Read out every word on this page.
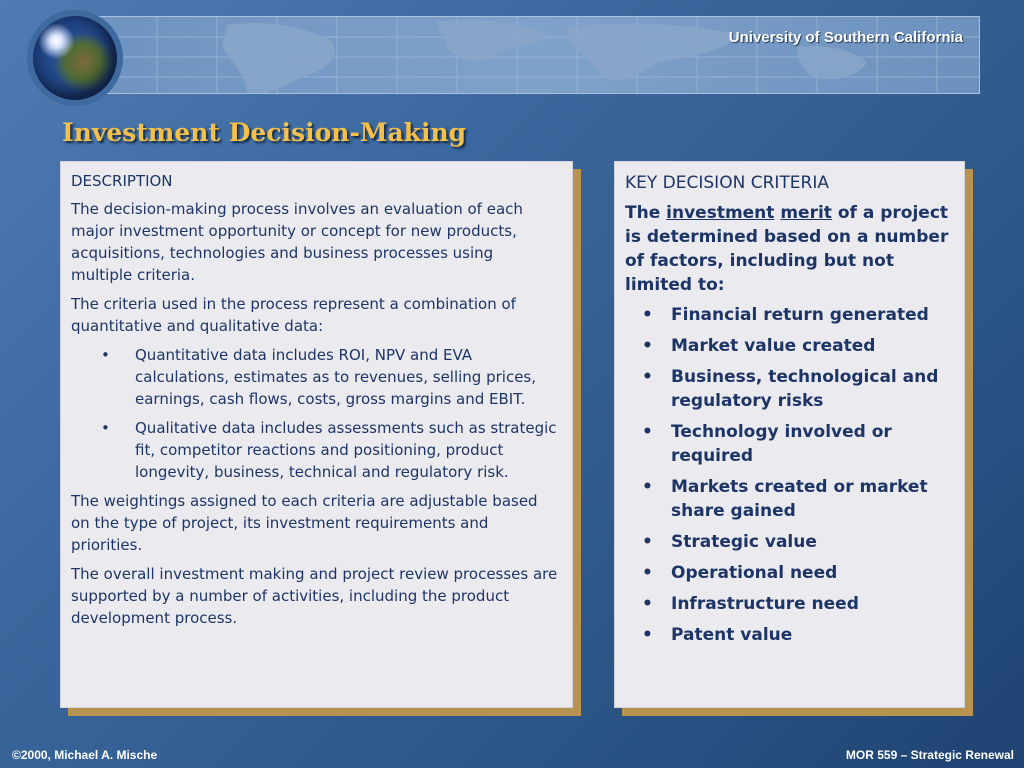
University of Southern California
Investment Decision-Making

DESCRIPTION

The decision-making process involves an evaluation of each major investment opportunity or concept for new products, acquisitions, technologies and business processes using multiple criteria.

The criteria used in the process represent a combination of quantitative and qualitative data:

• Quantitative data includes ROI, NPV and EVA calculations, estimates as to revenues, selling prices, earnings, cash flows, costs, gross margins and EBIT.
• Qualitative data includes assessments such as strategic fit, competitor reactions and positioning, product longevity, business, technical and regulatory risk.

The weightings assigned to each criteria are adjustable based on the type of project, its investment requirements and priorities.

The overall investment making and project review processes are supported by a number of activities, including the product development process.

KEY DECISION CRITERIA

The investment merit of a project is determined based on a number of factors, including but not limited to:

• Financial return generated
• Market value created
• Business, technological and regulatory risks
• Technology involved or required
• Markets created or market share gained
• Strategic value
• Operational need
• Infrastructure need
• Patent value
©2000, Michael A. Mische	MOR 559 – Strategic Renewal
